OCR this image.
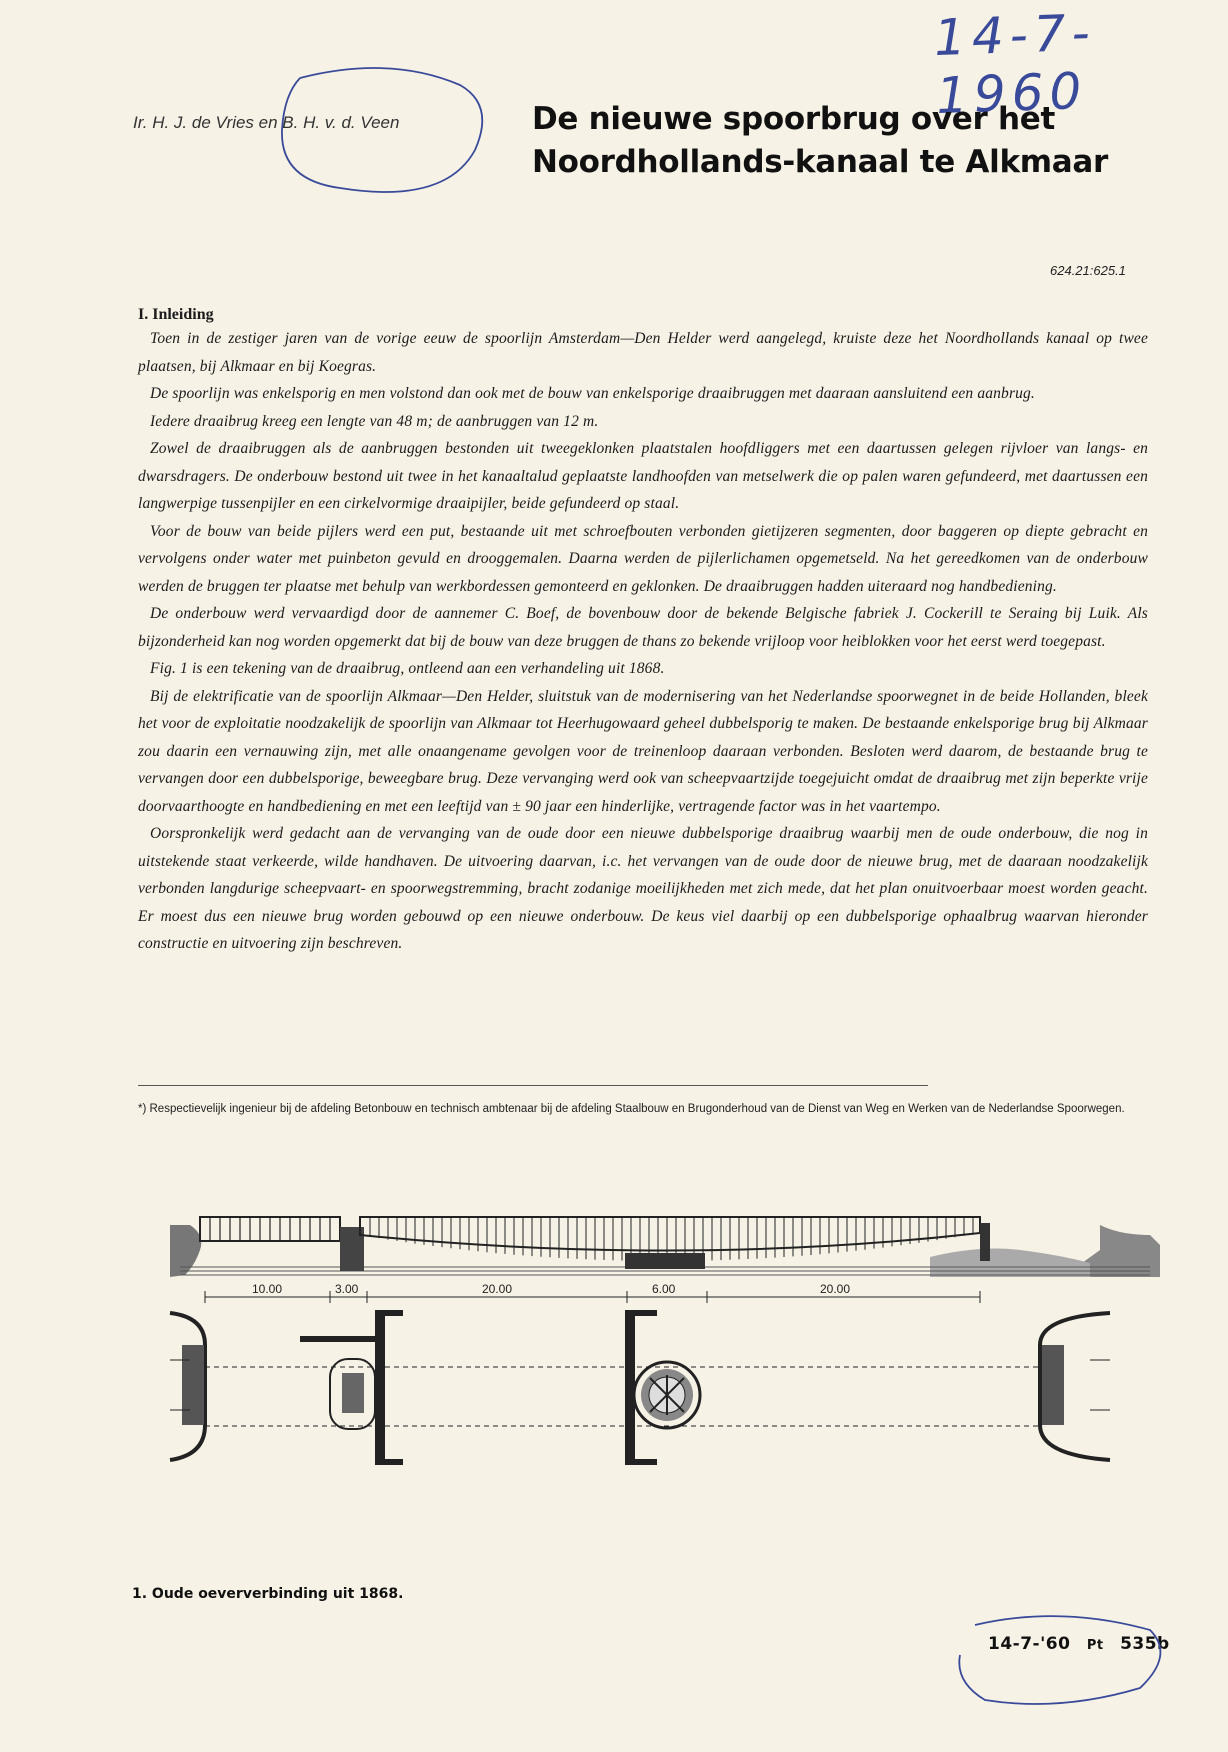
14-7-1960
Ir. H. J. de Vries en B. H. v. d. Veen	De nieuwe spoorbrug over het
Noordhollands-kanaal te Alkmaar
624.21:625.1
I. Inleiding

Toen in de zestiger jaren van de vorige eeuw de spoorlijn Amsterdam—Den Helder werd aangelegd, kruiste deze het Noordhollands kanaal op twee plaatsen, bij Alkmaar en bij Koegras.

De spoorlijn was enkelsporig en men volstond dan ook met de bouw van enkelsporige draaibruggen met daaraan aansluitend een aanbrug.

Iedere draaibrug kreeg een lengte van 48 m; de aanbruggen van 12 m.

Zowel de draaibruggen als de aanbruggen bestonden uit tweegeklonken plaatstalen hoofdliggers met een daartussen gelegen rijvloer van langs- en dwarsdragers. De onderbouw bestond uit twee in het kanaaltalud geplaatste landhoofden van metselwerk die op palen waren gefundeerd, met daartussen een langwerpige tussenpijler en een cirkelvormige draaipijler, beide gefundeerd op staal.

Voor de bouw van beide pijlers werd een put, bestaande uit met schroefbouten verbonden gietijzeren segmenten, door baggeren op diepte gebracht en vervolgens onder water met puinbeton gevuld en drooggemalen. Daarna werden de pijlerlichamen opgemetseld. Na het gereedkomen van de onderbouw werden de bruggen ter plaatse met behulp van werkbordessen gemonteerd en geklonken. De draaibruggen hadden uiteraard nog handbediening.

De onderbouw werd vervaardigd door de aannemer C. Boef, de bovenbouw door de bekende Belgische fabriek J. Cockerill te Seraing bij Luik. Als bijzonderheid kan nog worden opgemerkt dat bij de bouw van deze bruggen de thans zo bekende vrijloop voor heiblokken voor het eerst werd toegepast.

Fig. 1 is een tekening van de draaibrug, ontleend aan een verhandeling uit 1868.

Bij de elektrificatie van de spoorlijn Alkmaar—Den Helder, sluitstuk van de modernisering van het Nederlandse spoorwegnet in de beide Hollanden, bleek het voor de exploitatie noodzakelijk de spoorlijn van Alkmaar tot Heerhugowaard geheel dubbelsporig te maken. De bestaande enkelsporige brug bij Alkmaar zou daarin een vernauwing zijn, met alle onaangename gevolgen voor de treinenloop daaraan verbonden. Besloten werd daarom, de bestaande brug te vervangen door een dubbelsporige, beweegbare brug. Deze vervanging werd ook van scheepvaartzijde toegejuicht omdat de draaibrug met zijn beperkte vrije doorvaarthoogte en handbediening en met een leeftijd van ± 90 jaar een hinderlijke, vertragende factor was in het vaartempo.

Oorspronkelijk werd gedacht aan de vervanging van de oude door een nieuwe dubbelsporige draaibrug waarbij men de oude onderbouw, die nog in uitstekende staat verkeerde, wilde handhaven. De uitvoering daarvan, i.c. het vervangen van de oude door de nieuwe brug, met de daaraan noodzakelijk verbonden langdurige scheepvaart- en spoorwegstremming, bracht zodanige moeilijkheden met zich mede, dat het plan onuitvoerbaar moest worden geacht. Er moest dus een nieuwe brug worden gebouwd op een nieuwe onderbouw. De keus viel daarbij op een dubbelsporige ophaalbrug waarvan hieronder constructie en uitvoering zijn beschreven.

*) Respectievelijk ingenieur bij de afdeling Betonbouw en technisch ambtenaar bij de afdeling Staalbouw en Brugonderhoud van de Dienst van Weg en Werken van de Nederlandse Spoorwegen.
10.00	3.00	20.00	6.00	20.00
1. Oude oeververbinding uit 1868.
14-7-'60 Pt 535b
